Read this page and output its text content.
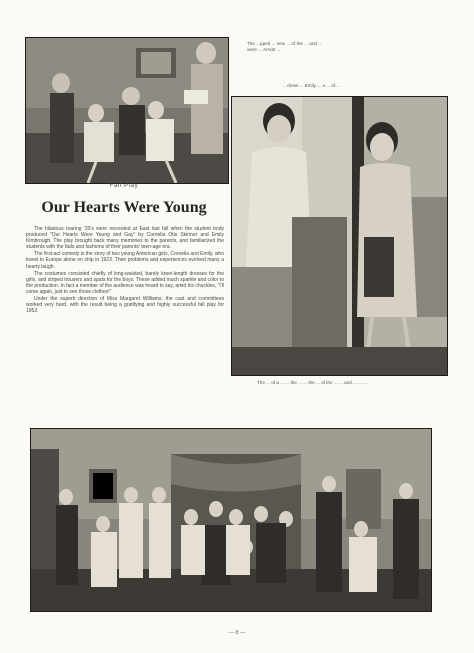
The ...pped ... new ... of the ... and ... were ... Arrest ...
... dress ... Emily ... a ... of ...
The ... of a ... ... the ... ... the ... of the ... ... and ... ... ...
Fall Play
Our Hearts Were Young

The hilarious roaring '20's were recreated at East last fall when the student body produced "Our Hearts Were Young and Gay" by Cornelia Otis Skinner and Emily Kimbrough. The play brought back many memories to the parents, and familiarized the students with the fads and fashions of their parents' teen-age era.

The first-act comedy is the story of two young American girls, Cornelia and Emily, who travel to Europe alone on ship in 1923. Their problems and experiences evolved many a hearty laugh.

The costumes consisted chiefly of long-waisted, barely knee-length dresses for the girls, and striped trousers and spats for the boys. These added much sparkle and color to the production. In fact a member of the audience was heard to say, amid his chuckles, "I'll come again, just to see those clothes!"

Under the superb direction of Miss Margaret Williams, the cast and committees worked very hard, with the result being a gratifying and highly successful fall play for 1952.

— 8 —
